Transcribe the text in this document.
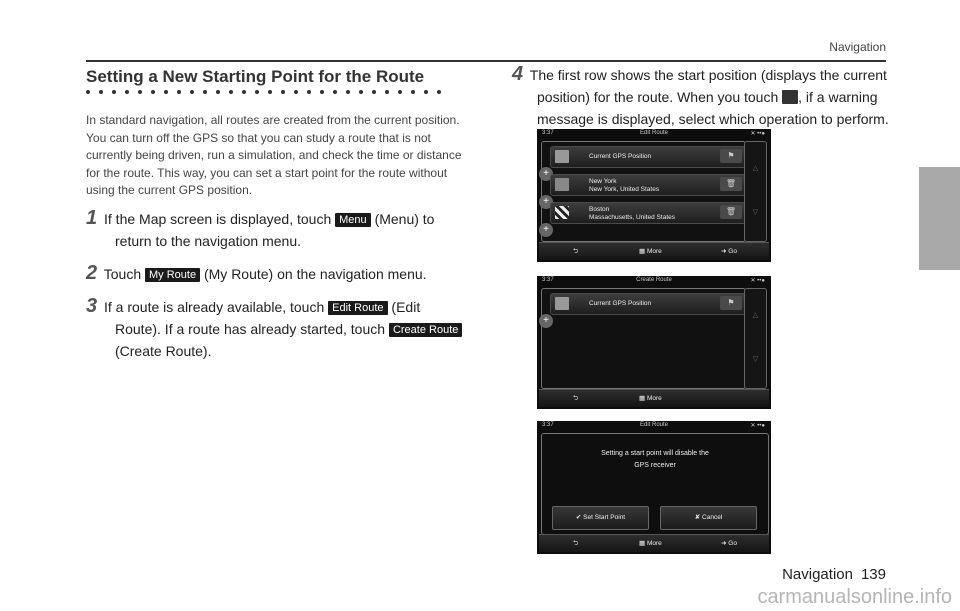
Navigation
Setting a New Starting Point for the Route
In standard navigation, all routes are created from the current position. You can turn off the GPS so that you can study a route that is not currently being driven, run a simulation, and check the time or distance for the route. This way, you can set a start point for the route without using the current GPS position.
1 If the Map screen is displayed, touch Menu (Menu) to
return to the navigation menu.
2 Touch My Route (My Route) on the navigation menu.
3 If a route is already available, touch Edit Route (Edit
Route). If a route has already started, touch Create Route
(Create Route).
4 The first row shows the start position (displays the current
position) for the route. When you touch , if a warning
message is displayed, select which operation to perform.
3:37	Edit Route	✕ ••●
Current GPS Position	⚑
+
New York
New York, United States
🗑
+
Boston
Massachusetts, United States
🗑
+
△
▽
⮌	▦ More	➜ Go
3:37	Create Route	✕ ••●
Current GPS Position	⚑
+	△
▽
⮌	▦ More
3:37	Edit Route	✕ ••●
Setting a start point will disable the
GPS receiver
✔ Set Start Point	✘ Cancel
⮌	▦ More	➜ Go
Navigation 139
carmanualsonline.info
